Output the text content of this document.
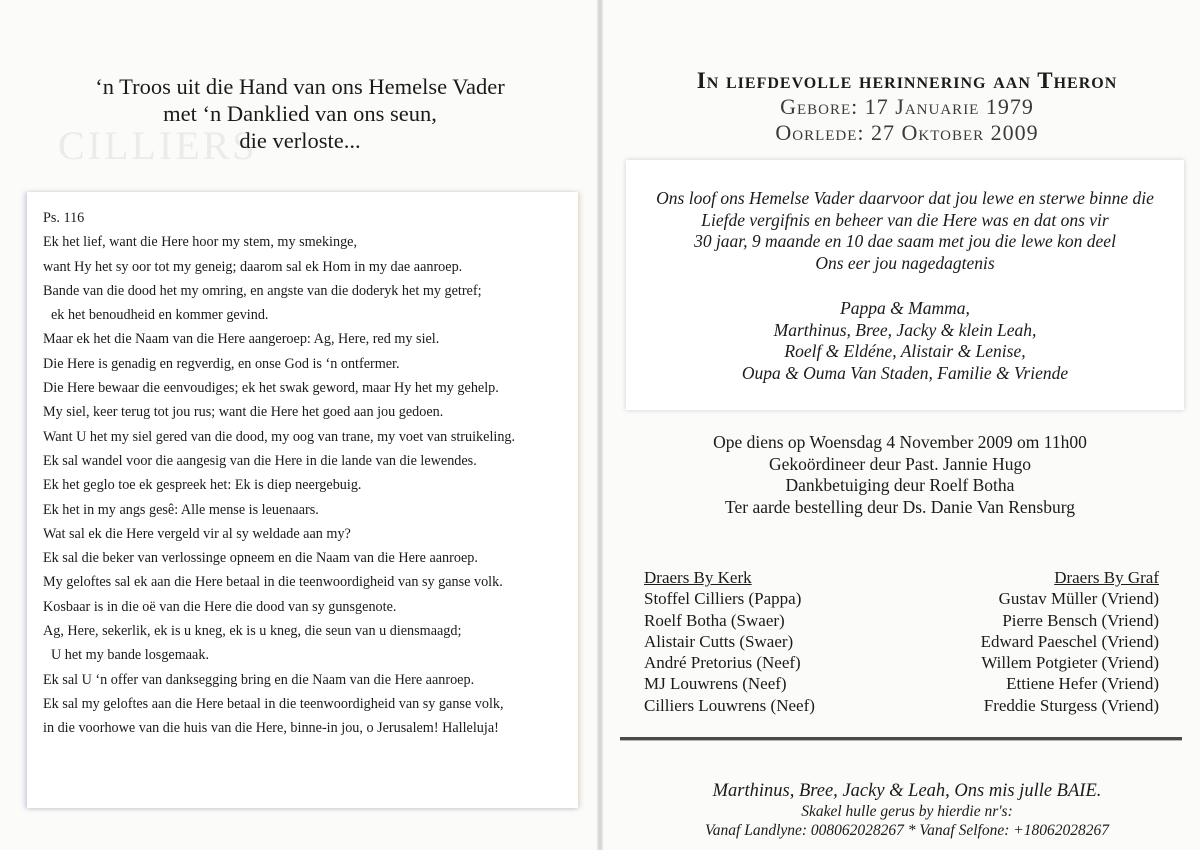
CILLIERS
‘n Troos uit die Hand van ons Hemelse Vader
met ‘n Danklied van ons seun,
die verloste...
Ps. 116
Ek het lief, want die Here hoor my stem, my smekinge,
want Hy het sy oor tot my geneig; daarom sal ek Hom in my dae aanroep.
Bande van die dood het my omring, en angste van die doderyk het my getref;
ek het benoudheid en kommer gevind.
Maar ek het die Naam van die Here aangeroep: Ag, Here, red my siel.
Die Here is genadig en regverdig, en onse God is ‘n ontfermer.
Die Here bewaar die eenvoudiges; ek het swak geword, maar Hy het my gehelp.
My siel, keer terug tot jou rus; want die Here het goed aan jou gedoen.
Want U het my siel gered van die dood, my oog van trane, my voet van struikeling.
Ek sal wandel voor die aangesig van die Here in die lande van die lewendes.
Ek het geglo toe ek gespreek het: Ek is diep neergebuig.
Ek het in my angs gesê: Alle mense is leuenaars.
Wat sal ek die Here vergeld vir al sy weldade aan my?
Ek sal die beker van verlossinge opneem en die Naam van die Here aanroep.
My geloftes sal ek aan die Here betaal in die teenwoordigheid van sy ganse volk.
Kosbaar is in die oë van die Here die dood van sy gunsgenote.
Ag, Here, sekerlik, ek is u kneg, ek is u kneg, die seun van u diensmaagd;
U het my bande losgemaak.
Ek sal U ‘n offer van danksegging bring en die Naam van die Here aanroep.
Ek sal my geloftes aan die Here betaal in die teenwoordigheid van sy ganse volk,
in die voorhowe van die huis van die Here, binne-in jou, o Jerusalem! Halleluja!
In liefdevolle herinnering aan Theron
Gebore: 17 Januarie 1979
Oorlede: 27 Oktober 2009
Ons loof ons Hemelse Vader daarvoor dat jou lewe en sterwe binne die
Liefde vergifnis en beheer van die Here was en dat ons vir
30 jaar, 9 maande en 10 dae saam met jou die lewe kon deel
Ons eer jou nagedagtenis
Pappa & Mamma,
Marthinus, Bree, Jacky & klein Leah,
Roelf & Eldéne, Alistair & Lenise,
Oupa & Ouma Van Staden, Familie & Vriende
Ope diens op Woensdag 4 November 2009 om 11h00
Gekoördineer deur Past. Jannie Hugo
Dankbetuiging deur Roelf Botha
Ter aarde bestelling deur Ds. Danie Van Rensburg
Draers By Kerk
Stoffel Cilliers (Pappa)
Roelf Botha (Swaer)
Alistair Cutts (Swaer)
André Pretorius (Neef)
MJ Louwrens (Neef)
Cilliers Louwrens (Neef)
Draers By Graf
Gustav Müller (Vriend)
Pierre Bensch (Vriend)
Edward Paeschel (Vriend)
Willem Potgieter (Vriend)
Ettiene Hefer (Vriend)
Freddie Sturgess (Vriend)
Marthinus, Bree, Jacky & Leah, Ons mis julle BAIE.
Skakel hulle gerus by hierdie nr's:
Vanaf Landlyne: 008062028267 * Vanaf Selfone: +18062028267
